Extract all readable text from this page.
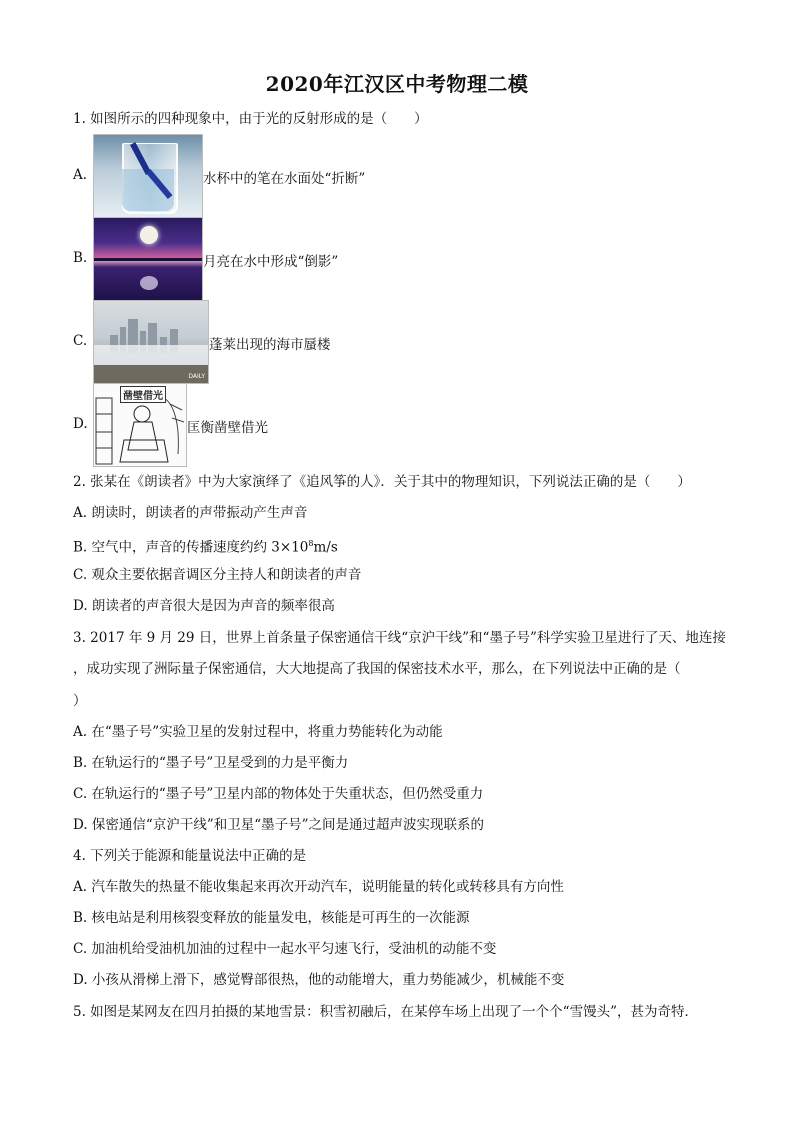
2020年江汉区中考物理二模
1. 如图所示的四种现象中，由于光的反射形成的是（　　）
A.	水杯中的笔在水面处“折断”
B.	月亮在水中形成“倒影”
C.
DAILY
蓬莱出现的海市蜃楼
D.
凿壁借光
匡衡凿壁借光
2. 张某在《朗读者》中为大家演绎了《追风筝的人》．关于其中的物理知识，下列说法正确的是（　　）
A. 朗读时，朗读者的声带振动产生声音
B. 空气中，声音的传播速度约约 $3\times 10^8m/s$
C. 观众主要依据音调区分主持人和朗读者的声音
D. 朗读者的声音很大是因为声音的频率很高
3. 2017 年 9 月 29 日，世界上首条量子保密通信干线“京沪干线”和“墨子号”科学实验卫星进行了天、地连接
，成功实现了洲际量子保密通信，大大地提高了我国的保密技术水平，那么，在下列说法中正确的是（
）
A. 在“墨子号”实验卫星的发射过程中，将重力势能转化为动能
B. 在轨运行的“墨子号”卫星受到的力是平衡力
C. 在轨运行的“墨子号”卫星内部的物体处于失重状态，但仍然受重力
D. 保密通信“京沪干线”和卫星“墨子号”之间是通过超声波实现联系的
4. 下列关于能源和能量说法中正确的是
A. 汽车散失的热量不能收集起来再次开动汽车，说明能量的转化或转移具有方向性
B. 核电站是利用核裂变释放的能量发电，核能是可再生的一次能源
C. 加油机给受油机加油的过程中一起水平匀速飞行，受油机的动能不变
D. 小孩从滑梯上滑下，感觉臀部很热，他的动能增大，重力势能减少，机械能不变
5. 如图是某网友在四月拍摄的某地雪景：积雪初融后，在某停车场上出现了一个个“雪馒头”，甚为奇特．
